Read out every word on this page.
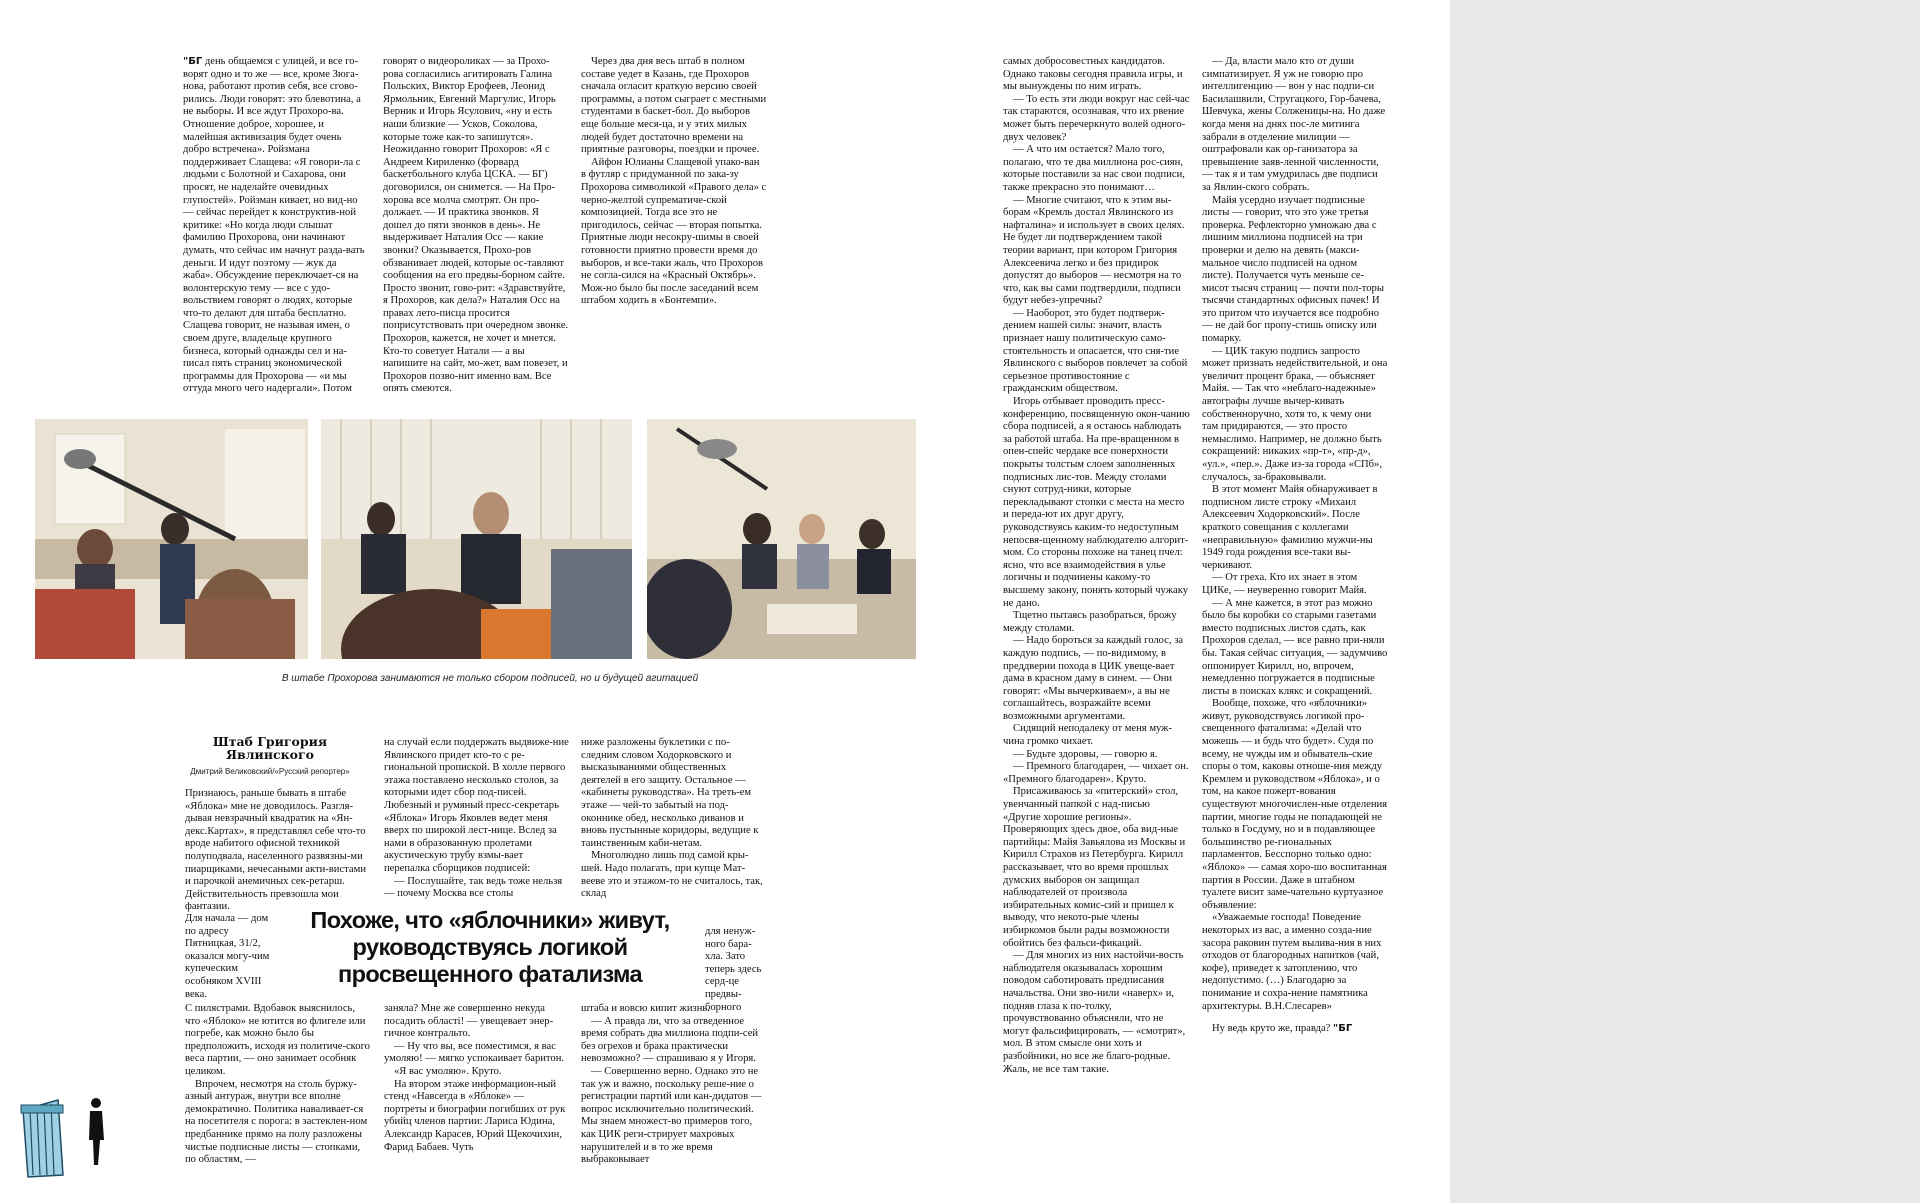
"БГ день общаемся с улицей, и все го-ворят одно и то же — все, кроме Зюга-нова, работают против себя, все сгово-рились. Люди говорят: это блевотина, а не выборы. И все ждут Прохоро-ва. Отношение доброе, хорошее, и малейшая активизация будет очень добро встречена». Ройзмана поддерживает Слащева: «Я говори-ла с людьми с Болотной и Сахарова, они просят, не наделайте очевидных глупостей». Ройзман кивает, но вид-но — сейчас перейдет к конструктив-ной критике: «Но когда люди слышат фамилию Прохорова, они начинают думать, что сейчас им начнут разда-вать деньги. И идут поэтому — жук да жаба». Обсуждение переключает-ся на волонтерскую тему — все с удо-вольствием говорят о людях, которые что-то делают для штаба бесплатно. Слащева говорит, не называя имен, о своем друге, владельце крупного бизнеса, который однажды сел и на-писал пять страниц экономической программы для Прохорова — «и мы оттуда много чего надергали». Потом

говорят о видеороликах — за Прохо-рова согласились агитировать Галина Польских, Виктор Ерофеев, Леонид Ярмольник, Евгений Маргулис, Игорь Верник и Игорь Ясулович, «ну и есть наши близкие — Усков, Соколова, которые тоже как-то запишутся». Неожиданно говорит Прохоров: «Я с Андреем Кириленко (форвард баскетбольного клуба ЦСКА. — БГ) договорился, он снимется. — На Про-хорова все молча смотрят. Он про-должает. — И практика звонков. Я дошел до пяти звонков в день». Не выдерживает Наталия Осс — какие звонки? Оказывается, Прохо-ров обзванивает людей, которые ос-тавляют сообщения на его предвы-борном сайте. Просто звонит, гово-рит: «Здравствуйте, я Прохоров, как дела?» Наталия Осс на правах лето-писца просится поприсутствовать при очередном звонке. Прохоров, кажется, не хочет и мнется. Кто-то советует Натали — а вы напишите на сайт, мо-жет, вам повезет, и Прохоров позво-нит именно вам. Все опять смеются.

Через два дня весь штаб в полном составе уедет в Казань, где Прохоров сначала огласит краткую версию своей программы, а потом сыграет с местными студентами в баскет-бол. До выборов еще больше меся-ца, и у этих милых людей будет достаточно времени на приятные разговоры, поездки и прочее.

Айфон Юлианы Слащевой упако-ван в футляр с придуманной по зака-зу Прохорова символикой «Правого дела» с черно-желтой супрематиче-ской композицией. Тогда все это не пригодилось, сейчас — вторая попытка. Приятные люди несокру-шимы в своей готовности приятно провести время до выборов, и все-таки жаль, что Прохоров не согла-сился на «Красный Октябрь». Мож-но было бы после заседаний всем штабом ходить в «Бонтемпи».

В штабе Прохорова занимаются не только сбором подписей, но и будущей агитацией
Штаб Григория Явлинского
Дмитрий Великовский/«Русский репортер»

Признаюсь, раньше бывать в штабе «Яблока» мне не доводилось. Разгля-дывая невзрачный квадратик на «Ян-декс.Картах», я представлял себе что-то вроде набитого офисной техникой полуподвала, населенного развязны-ми пиарщиками, нечесаными акти-вистами и парочкой анемичных сек-ретарш. Действительность превзошла мои фантазии.

Для начала — дом по адресу Пятницкая, 31/2, оказался могу-чим купеческим особняком XVIII века.

С пилястрами. Вдобавок выяснилось, что «Яблоко» не ютится во флигеле или погребе, как можно было бы предположить, исходя из политиче-ского веса партии, — оно занимает особняк целиком.

Впрочем, несмотря на столь буржу-азный антураж, внутри все вполне демократично. Политика наваливает-ся на посетителя с порога: в застеклен-ном предбаннике прямо на полу разложены чистые подписные листы — стопками, по областям, —

на случай если поддержать выдвиже-ние Явлинского придет кто-то с ре-гиональной пропиской. В холле первого этажа поставлено несколько столов, за которыми идет сбор под-писей. Любезный и румяный пресс-секретарь «Яблока» Игорь Яковлев ведет меня вверх по широкой лест-нице. Вслед за нами в образованную пролетами акустическую трубу взмы-вает перепалка сборщиков подписей:

— Послушайте, так ведь тоже нельзя — почему Москва все столы

заняла? Мне же совершенно некуда посадить області! — увещевает энер-гичное контральто.

— Ну что вы, все поместимся, я вас умоляю! — мягко успокаивает баритон.

«Я вас умоляю». Круто.

На втором этаже информацион-ный стенд «Навсегда в «Яблоке» — портреты и биографии погибших от рук убийц членов партии: Лариса Юдина, Александр Карасев, Юрий Щекочихин, Фарид Бабаев. Чуть

ниже разложены буклетики с по-следним словом Ходорковского и высказываниями общественных деятелей в его защиту. Остальное — «кабинеты руководства». На треть-ем этаже — чей-то забытый на под-оконнике обед, несколько диванов и вновь пустынные коридоры, ведущие к таинственным каби-нетам.

Многолюдно лишь под самой кры-шей. Надо полагать, при купце Мат-вееве это и этажом-то не считалось, так, склад

для ненуж-ного бара-хла. Зато теперь здесь серд-це предвы-борного

штаба и вовсю кипит жизнь.

— А правда ли, что за отведенное время собрать два миллиона подпи-сей без огрехов и брака практически невозможно? — спрашиваю я у Игоря.

— Совершенно верно. Однако это не так уж и важно, поскольку реше-ние о регистрации партий или кан-дидатов — вопрос исключительно политический. Мы знаем множест-во примеров того, как ЦИК реги-стрирует махровых нарушителей и в то же время выбраковывает

Похоже, что «яблочники» живут, руководствуясь логикой просвещенного фатализма

самых добросовестных кандидатов. Однако таковы сегодня правила игры, и мы вынуждены по ним играть.

— То есть эти люди вокруг нас сей-час так стараются, осознавая, что их рвение может быть перечеркнуто волей одного-двух человек?

— А что им остается? Мало того, полагаю, что те два миллиона рос-сиян, которые поставили за нас свои подписи, также прекрасно это понимают…

— Многие считают, что к этим вы-борам «Кремль достал Явлинского из нафталина» и использует в своих целях. Не будет ли подтверждением такой теории вариант, при котором Григория Алексеевича легко и без придирок допустят до выборов — несмотря на то что, как вы сами подтвердили, подписи будут небез-упречны?

— Наоборот, это будет подтверж-дением нашей силы: значит, власть признает нашу политическую само-стоятельность и опасается, что сня-тие Явлинского с выборов повлечет за собой серьезное противостояние с гражданским обществом.

Игорь отбывает проводить пресс-конференцию, посвященную окон-чанию сбора подписей, а я остаюсь наблюдать за работой штаба. На пре-вращенном в опен-спейс чердаке все поверхности покрыты толстым слоем заполненных подписных лис-тов. Между столами снуют сотруд-ники, которые перекладывают стопки с места на место и переда-ют их друг другу, руководствуясь каким-то недоступным непосвя-щенному наблюдателю алгорит-мом. Со стороны похоже на танец пчел: ясно, что все взаимодействия в улье логичны и подчинены какому-то высшему закону, понять который чужаку не дано.

Тщетно пытаясь разобраться, брожу между столами.

— Надо бороться за каждый голос, за каждую подпись, — по-видимому, в преддверии похода в ЦИК увеще-вает дама в красном даму в синем. — Они говорят: «Мы вычеркиваем», а вы не соглашайтесь, возражайте всеми возможными аргументами.

Сидящий неподалеку от меня муж-чина громко чихает.

— Будьте здоровы, — говорю я.

— Премного благодарен, — чихает он.

«Премного благодарен». Круто.

Присаживаюсь за «питерский» стол, увенчанный папкой с над-писью «Другие хорошие регионы». Проверяющих здесь двое, оба вид-ные партийцы: Майя Завьялова из Москвы и Кирилл Страхов из Петербурга. Кирилл рассказывает, что во время прошлых думских выборов он защищал наблюдателей от произвола избирательных комис-сий и пришел к выводу, что некото-рые члены избиркомов были рады возможности обойтись без фальси-фикаций.

— Для многих из них настойчи-вость наблюдателя оказывалась хорошим поводом саботировать предписания начальства. Они зво-нили «наверх» и, подняв глаза к по-толку, прочувствованно объясняли, что не могут фальсифицировать, — «смотрят», мол. В этом смысле они хоть и разбойники, но все же благо-родные. Жаль, не все там такие.

— Да, власти мало кто от души симпатизирует. Я уж не говорю про интеллигенцию — вон у нас подпи-си Басилашвили, Стругацкого, Гор-бачева, Шевчука, жены Солженицы-на. Но даже когда меня на днях пос-ле митинга забрали в отделение милиции — оштрафовали как ор-ганизатора за превышение заяв-ленной численности, — так я и там умудрилась две подписи за Явлин-ского собрать.

Майя усердно изучает подписные листы — говорит, что это уже третья проверка. Рефлекторно умножаю два с лишним миллиона подписей на три проверки и делю на девять (макси-мальное число подписей на одном листе). Получается чуть меньше се-мисот тысяч страниц — почти пол-торы тысячи стандартных офисных пачек! И это притом что изучается все подробно — не дай бог пропу-стишь описку или помарку.

— ЦИК такую подпись запросто может признать недействительной, и она увеличит процент брака, — объясняет Майя. — Так что «неблаго-надежные» автографы лучше вычер-кивать собственноручно, хотя то, к чему они там придираются, — это просто немыслимо. Например, не должно быть сокращений: никаких «пр-т», «пр-д», «ул.», «пер.». Даже из-за города «СПб», случалось, за-браковывали.

В этот момент Майя обнаруживает в подписном листе строку «Михаил Алексеевич Ходорковский». После краткого совещания с коллегами «неправильную» фамилию мужчи-ны 1949 года рождения все-таки вы-черкивают.

— От греха. Кто их знает в этом ЦИКе, — неуверенно говорит Майя.

— А мне кажется, в этот раз можно было бы коробки со старыми газетами вместо подписных листов сдать, как Прохоров сделал, — все равно при-няли бы. Такая сейчас ситуация, — задумчиво оппонирует Кирилл, но, впрочем, немедленно погружается в подписные листы в поисках клякс и сокращений.

Вообще, похоже, что «яблочники» живут, руководствуясь логикой про-свещенного фатализма: «Делай что можешь — и будь что будет». Судя по всему, не чужды им и обыватель-ские споры о том, каковы отноше-ния между Кремлем и руководством «Яблока», и о том, на какое пожерт-вования существуют многочислен-ные отделения партии, многие годы не попадающей не только в Госдуму, но и в подавляющее большинство ре-гиональных парламентов. Бесспорно только одно: «Яблоко» — самая хоро-шо воспитанная партия в России. Даже в штабном туалете висит заме-чательно куртуазное объявление:

«Уважаемые господа! Поведение некоторых из вас, а именно созда-ние засора раковин путем вылива-ния в них отходов от благородных напитков (чай, кофе), приведет к затоплению, что недопустимо. (…) Благодарю за понимание и сохра-нение памятника архитектуры. В.Н.Слесарев»

Ну ведь круто же, правда? "БГ
